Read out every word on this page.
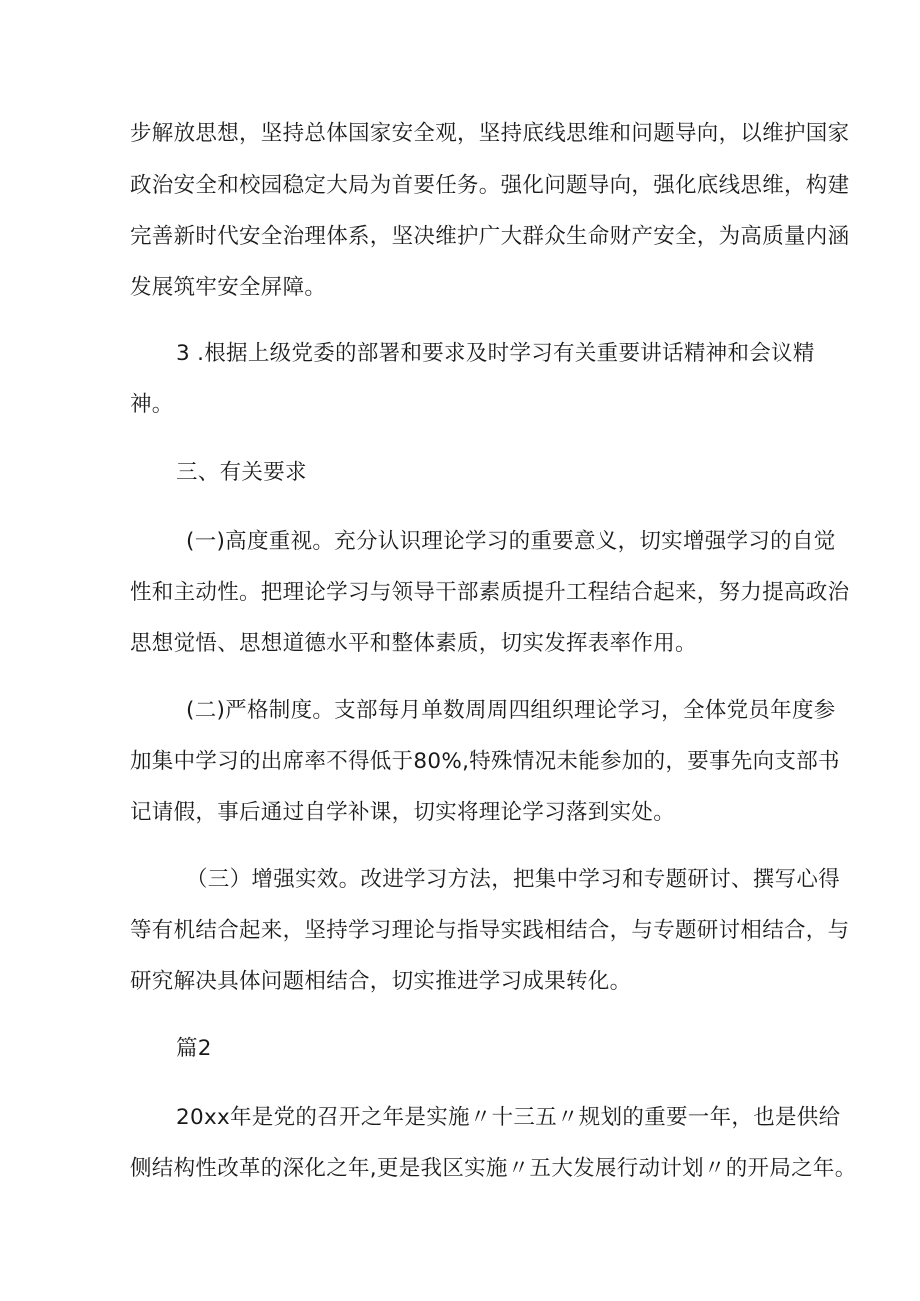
步解放思想，坚持总体国家安全观，坚持底线思维和问题导向，以维护国家
政治安全和校园稳定大局为首要任务。强化问题导向，强化底线思维，构建
完善新时代安全治理体系，坚决维护广大群众生命财产安全，为高质量内涵
发展筑牢安全屏障。
3 .根据上级党委的部署和要求及时学习有关重要讲话精神和会议精
神。
三、有关要求
(一)高度重视。充分认识理论学习的重要意义，切实增强学习的自觉
性和主动性。把理论学习与领导干部素质提升工程结合起来，努力提高政治
思想觉悟、思想道德水平和整体素质，切实发挥表率作用。
(二)严格制度。支部每月单数周周四组织理论学习，全体党员年度参
加集中学习的出席率不得低于80%,特殊情况未能参加的，要事先向支部书
记请假，事后通过自学补课，切实将理论学习落到实处。
（三）增强实效。改进学习方法，把集中学习和专题研讨、撰写心得
等有机结合起来，坚持学习理论与指导实践相结合，与专题研讨相结合，与
研究解决具体问题相结合，切实推进学习成果转化。
篇2
20xx年是党的召开之年是实施〃十三五〃规划的重要一年，也是供给
侧结构性改革的深化之年,更是我区实施〃五大发展行动计划〃的开局之年。
